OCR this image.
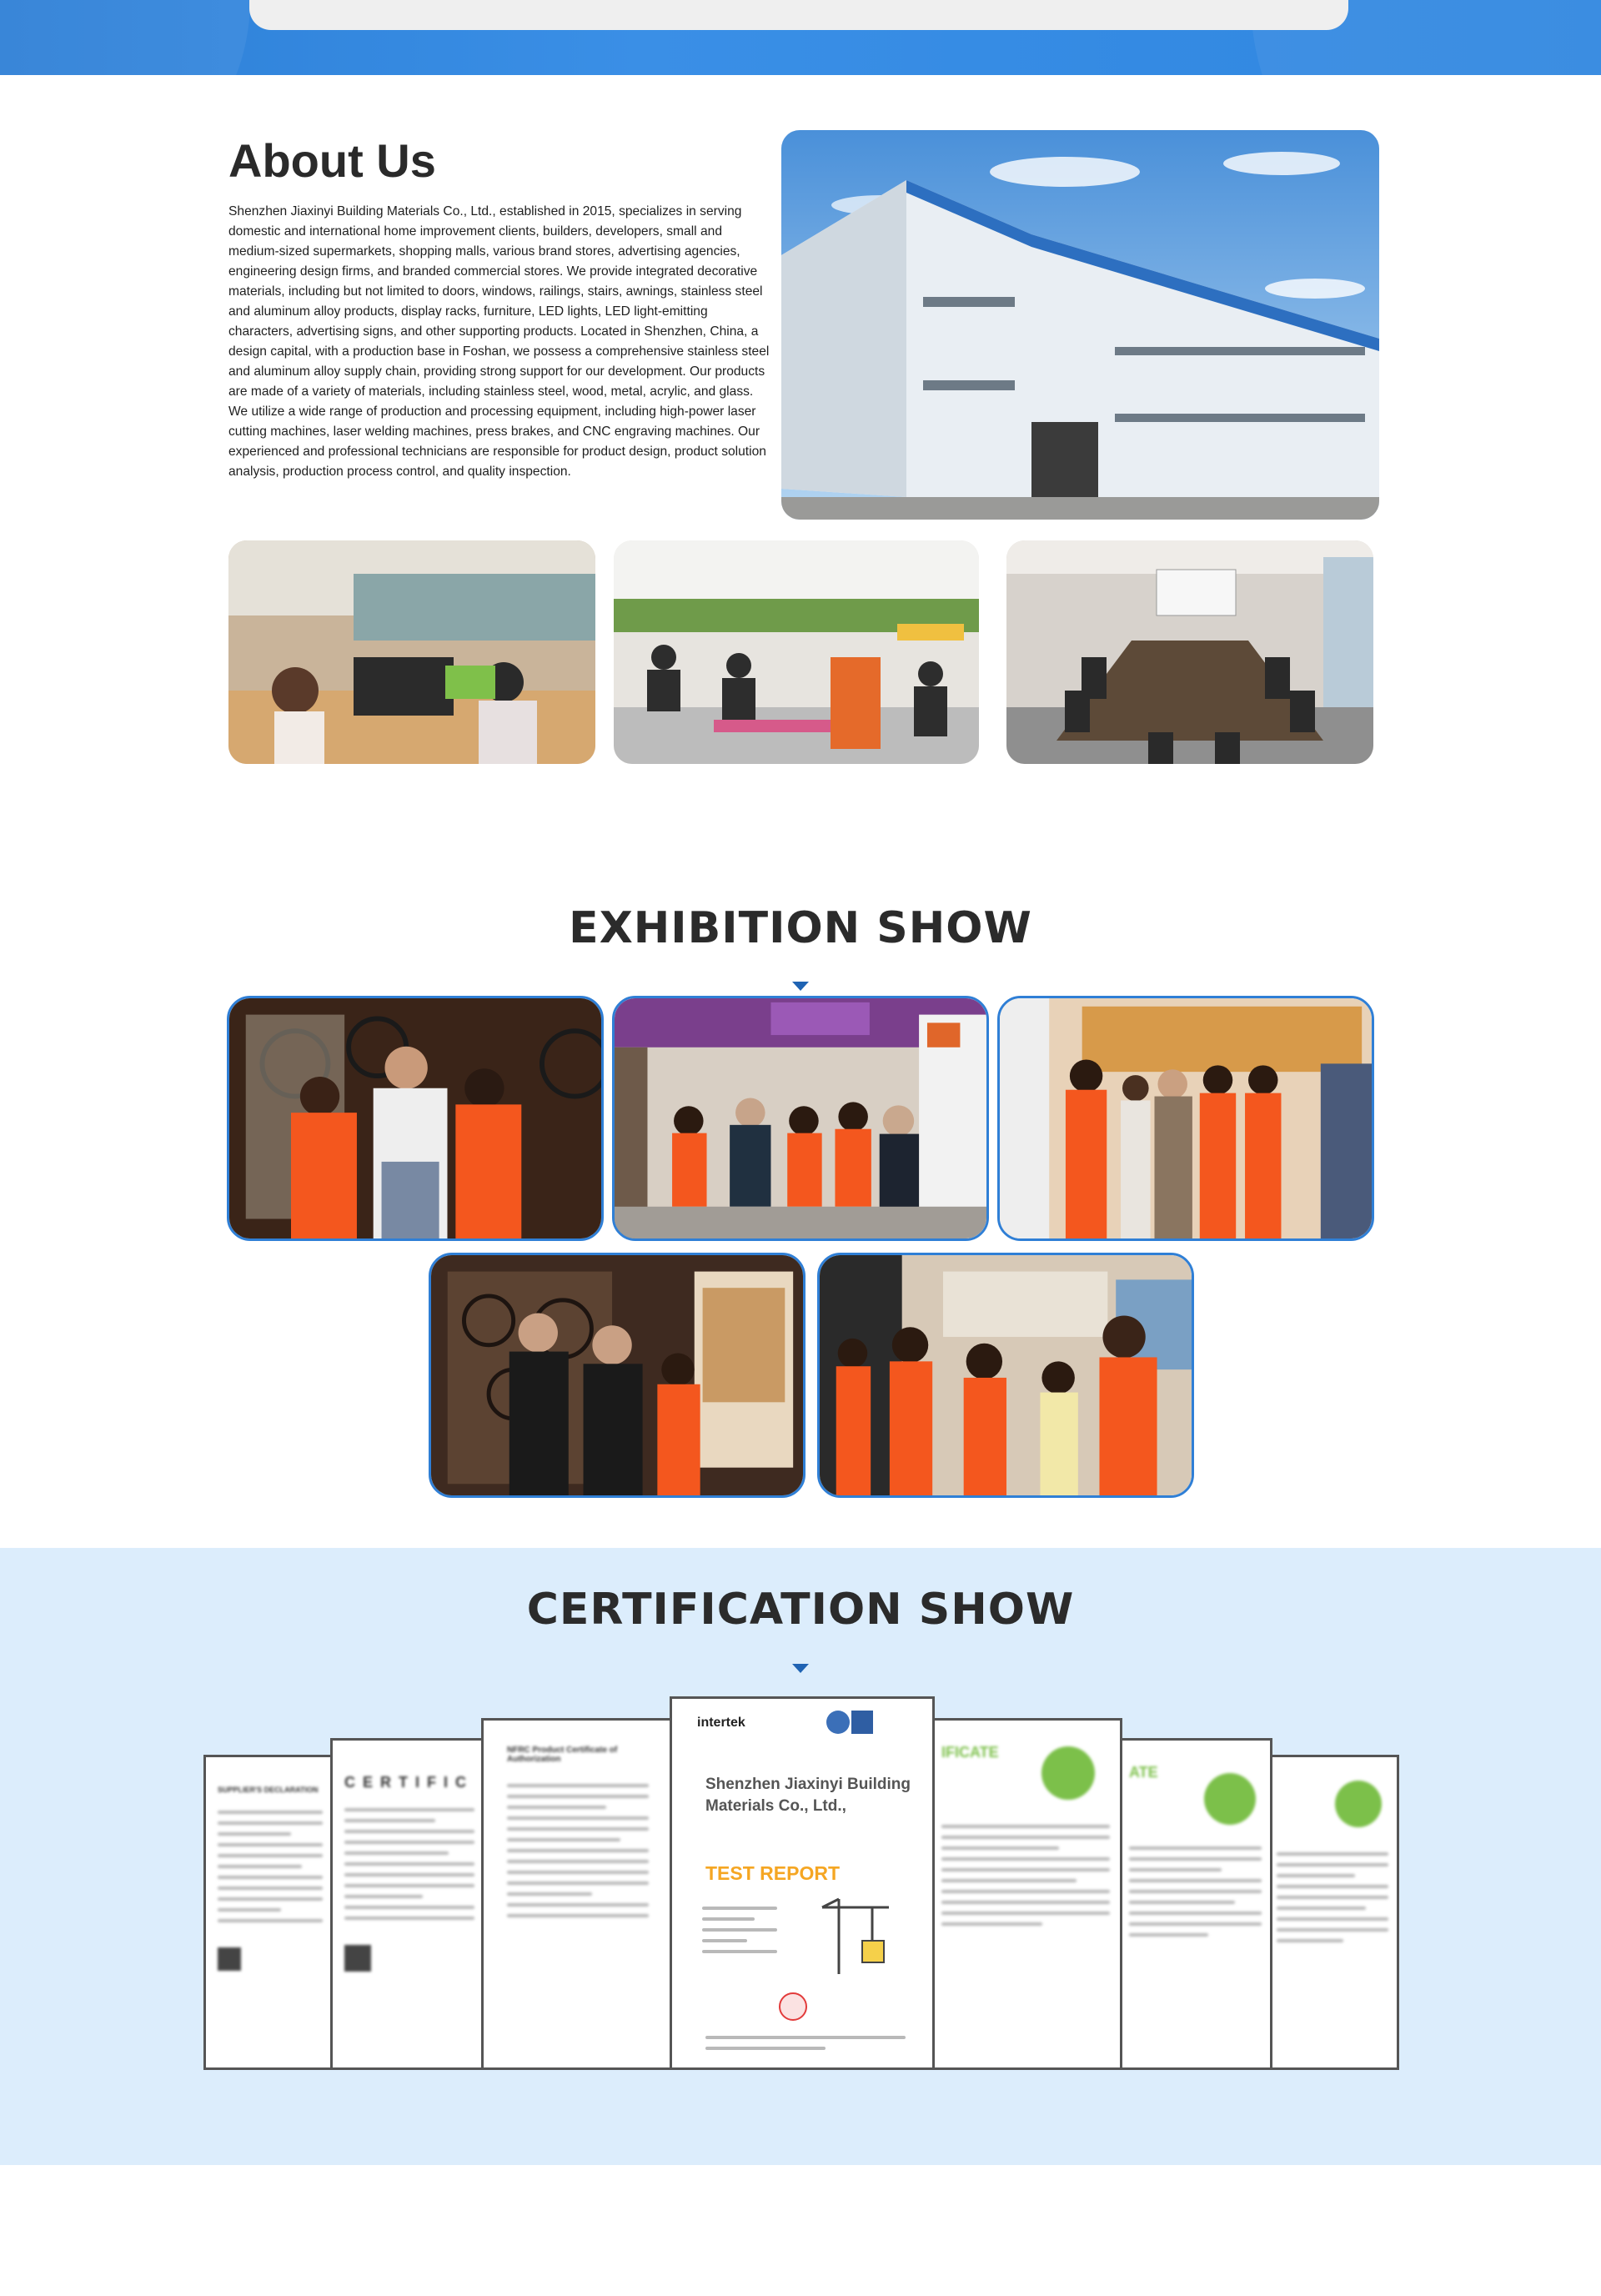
About Us

Shenzhen Jiaxinyi Building Materials Co., Ltd., established in 2015, specializes in serving domestic and international home improvement clients, builders, developers, small and medium-sized supermarkets, shopping malls, various brand stores, advertising agencies, engineering design firms, and branded commercial stores. We provide integrated decorative materials, including but not limited to doors, windows, railings, stairs, awnings, stainless steel and aluminum alloy products, display racks, furniture, LED lights, LED light-emitting characters, advertising signs, and other supporting products. Located in Shenzhen, China, a design capital, with a production base in Foshan, we possess a comprehensive stainless steel and aluminum alloy supply chain, providing strong support for our development. Our products are made of a variety of materials, including stainless steel, wood, metal, acrylic, and glass. We utilize a wide range of production and processing equipment, including high-power laser cutting machines, laser welding machines, press brakes, and CNC engraving machines. Our experienced and professional technicians are responsible for product design, product solution analysis, production process control, and quality inspection.

EXHIBITION SHOW
CERTIFICATION SHOW
SUPPLIER'S DECLARATION	C E R T I F I C
NFRC Product Certificate of Authorization
ATE
IFICATE
intertek
Shenzhen Jiaxinyi Building Materials Co., Ltd.,
TEST REPORT
